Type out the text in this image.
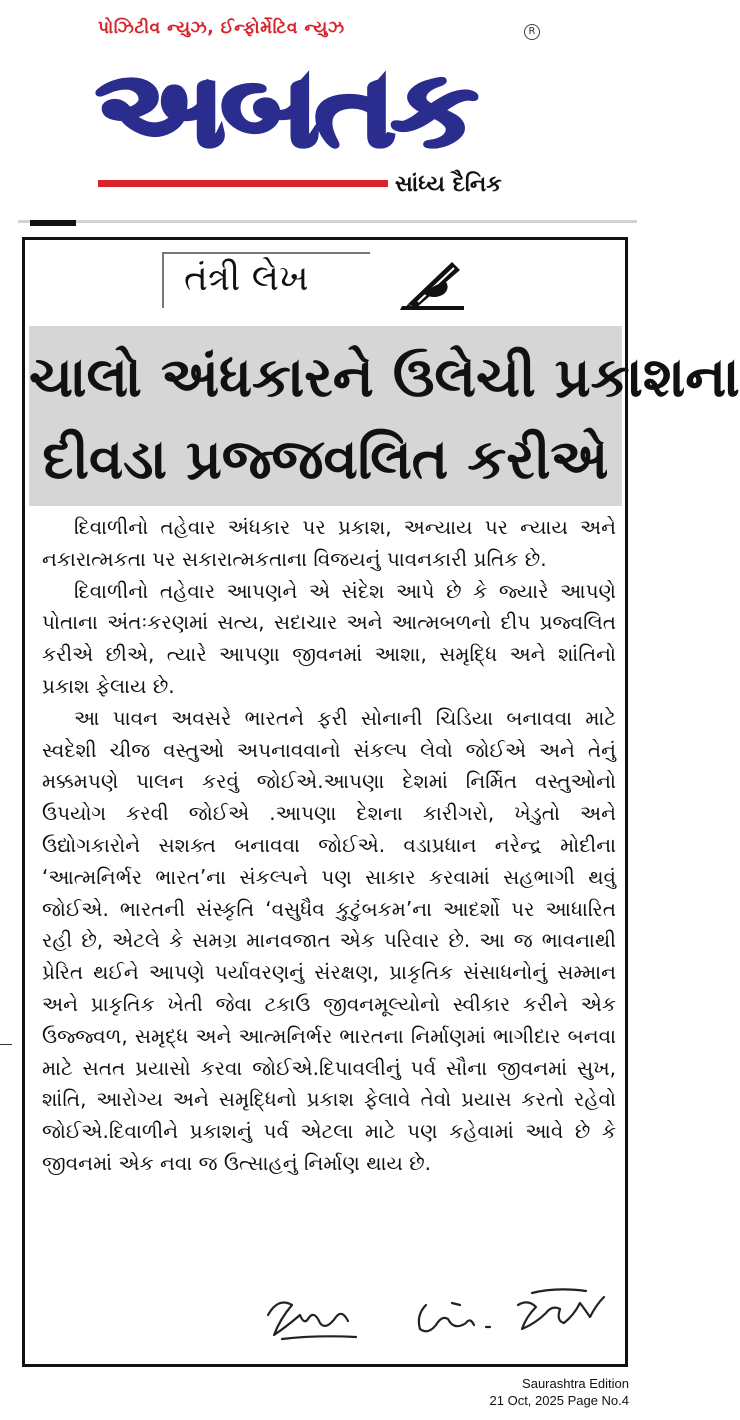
પોઝિટીવ ન્યુઝ, ઈન્ફોર્મેટિવ ન્યુઝ	R
અબતક
સાંધ્ય દૈનિક
તંત્રી લેખ
ચાલો અંધકારને ઉલેચી પ્રકાશના
દીવડા પ્રજ્જવલિત કરીએ

દિવાળીનો તહેવાર અંધકાર પર પ્રકાશ, અન્યાય પર ન્યાય અને નકારાત્મકતા પર સકારાત્મકતાના વિજયનું પાવનકારી પ્રતિક છે.

દિવાળીનો તહેવાર આપણને એ સંદેશ આપે છે કે જ્યારે આપણે પોતાના અંતઃકરણમાં સત્ય, સદાચાર અને આત્મબળનો દીપ પ્રજ્વલિત કરીએ છીએ, ત્યારે આપણા જીવનમાં આશા, સમૃદ્ધિ અને શાંતિનો પ્રકાશ ફેલાય છે.

આ પાવન અવસરે ભારતને ફરી સોનાની ચિડિયા બનાવવા માટે સ્વદેશી ચીજ વસ્તુઓ અપનાવવાનો સંકલ્પ લેવો જોઈએ અને તેનું મક્કમપણે પાલન કરવું જોઈએ.આપણા દેશમાં નિર્મિત વસ્તુઓનો ઉપયોગ કરવી જોઈએ .આપણા દેશના કારીગરો, ખેડુતો અને ઉદ્યોગકારોને સશક્ત બનાવવા જોઈએ. વડાપ્રધાન નરેન્દ્ર મોદીના ‘આત્મનિર્ભર ભારત’ના સંકલ્પને પણ સાકાર કરવામાં સહભાગી થવું જોઈએ. ભારતની સંસ્કૃતિ ‘વસુધૈવ કુટુંબકમ’ના આદર્શો પર આધારિત રહી છે, એટલે કે સમગ્ર માનવજાત એક પરિવાર છે. આ જ ભાવનાથી પ્રેરિત થઈને આપણે પર્યાવરણનું સંરક્ષણ, પ્રાકૃતિક સંસાધનોનું સમ્માન અને પ્રાકૃતિક ખેતી જેવા ટકાઉ જીવનમૂલ્યોનો સ્વીકાર કરીને એક ઉજ્જ્વળ, સમૃદ્ધ અને આત્મનિર્ભર ભારતના નિર્માણમાં ભાગીદાર બનવા માટે સતત પ્રયાસો કરવા જોઈએ.દિપાવલીનું પર્વ સૌના જીવનમાં સુખ, શાંતિ, આરોગ્ય અને સમૃદ્ધિનો પ્રકાશ ફેલાવે તેવો પ્રયાસ કરતો રહેવો જોઈએ.દિવાળીને પ્રકાશનું પર્વ એટલા માટે પણ કહેવામાં આવે છે કે જીવનમાં એક નવા જ ઉત્સાહનું નિર્માણ થાય છે.

Saurashtra Edition
21 Oct, 2025 Page No.4
